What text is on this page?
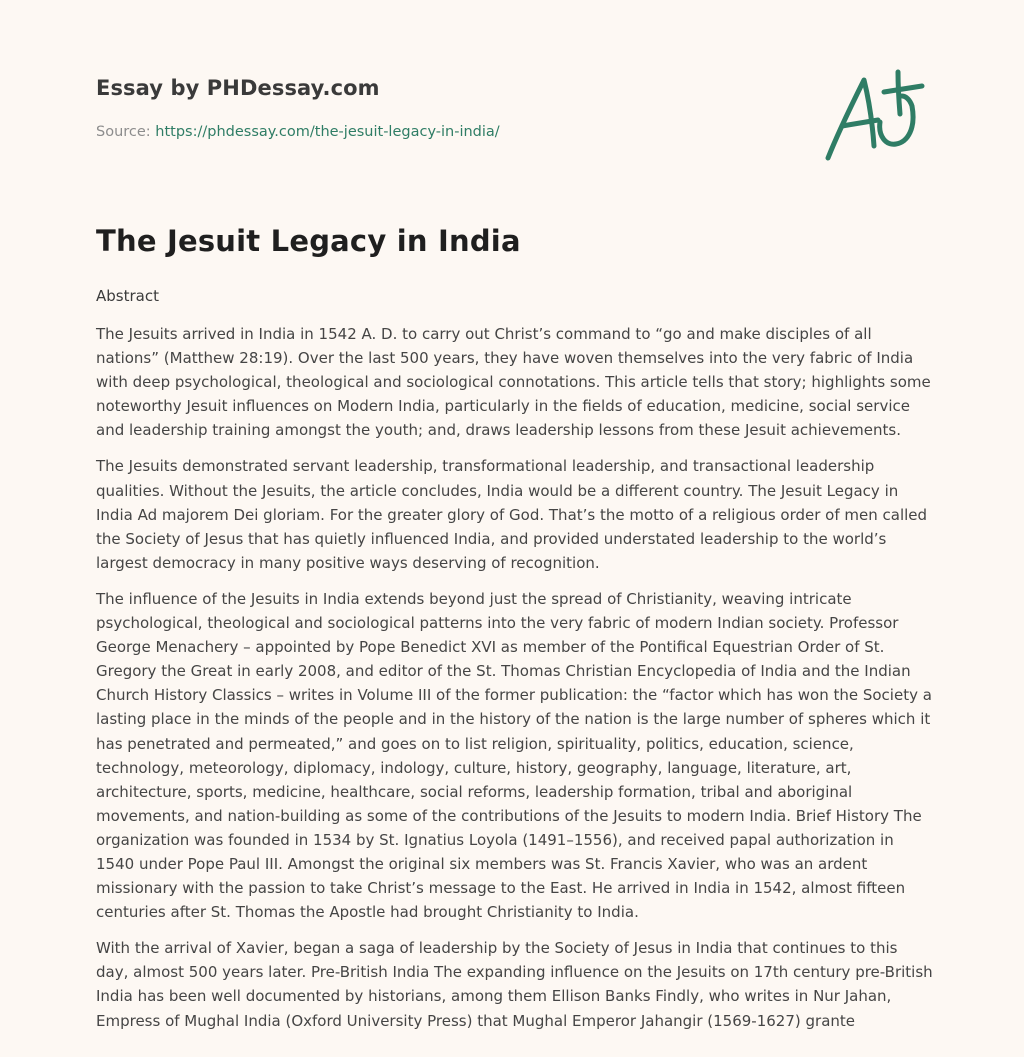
Essay by PHDessay.com
Source: https://phdessay.com/the-jesuit-legacy-in-india/
The Jesuit Legacy in India
Abstract

The Jesuits arrived in India in 1542 A. D. to carry out Christ’s command to “go and make disciples of all nations” (Matthew 28:19). Over the last 500 years, they have woven themselves into the very fabric of India with deep psychological, theological and sociological connotations. This article tells that story; highlights some noteworthy Jesuit influences on Modern India, particularly in the fields of education, medicine, social service and leadership training amongst the youth; and, draws leadership lessons from these Jesuit achievements.

The Jesuits demonstrated servant leadership, transformational leadership, and transactional leadership qualities. Without the Jesuits, the article concludes, India would be a different country. The Jesuit Legacy in India Ad majorem Dei gloriam. For the greater glory of God. That’s the motto of a religious order of men called the Society of Jesus that has quietly influenced India, and provided understated leadership to the world’s largest democracy in many positive ways deserving of recognition.

The influence of the Jesuits in India extends beyond just the spread of Christianity, weaving intricate psychological, theological and sociological patterns into the very fabric of modern Indian society. Professor George Menachery – appointed by Pope Benedict XVI as member of the Pontifical Equestrian Order of St. Gregory the Great in early 2008, and editor of the St. Thomas Christian Encyclopedia of India and the Indian Church History Classics – writes in Volume III of the former publication: the “factor which has won the Society a lasting place in the minds of the people and in the history of the nation is the large number of spheres which it has penetrated and permeated,” and goes on to list religion, spirituality, politics, education, science, technology, meteorology, diplomacy, indology, culture, history, geography, language, literature, art, architecture, sports, medicine, healthcare, social reforms, leadership formation, tribal and aboriginal movements, and nation-building as some of the contributions of the Jesuits to modern India. Brief History The organization was founded in 1534 by St. Ignatius Loyola (1491–1556), and received papal authorization in 1540 under Pope Paul III. Amongst the original six members was St. Francis Xavier, who was an ardent missionary with the passion to take Christ’s message to the East. He arrived in India in 1542, almost fifteen centuries after St. Thomas the Apostle had brought Christianity to India.

With the arrival of Xavier, began a saga of leadership by the Society of Jesus in India that continues to this day, almost 500 years later. Pre-British India The expanding influence on the Jesuits on 17th century pre-British India has been well documented by historians, among them Ellison Banks Findly, who writes in Nur Jahan, Empress of Mughal India (Oxford University Press) that Mughal Emperor Jahangir (1569-1627) grante
